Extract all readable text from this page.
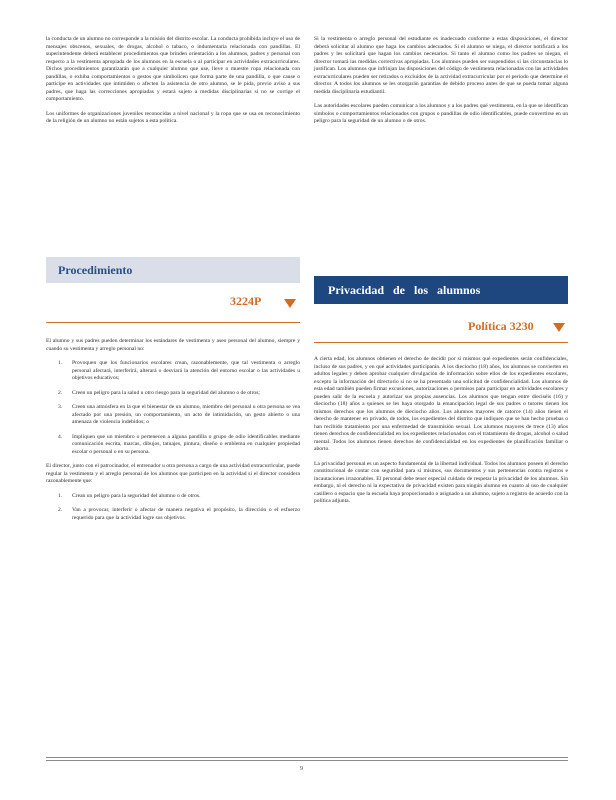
la conducta de un alumno no corresponde a la misión del distrito escolar. La conducta prohibida incluye el uso de mensajes obscenos, sexuales, de drogas, alcohol o tabaco, o indumentaria relacionada con pandillas. El superintendente deberá establecer procedimientos que brinden orientación a los alumnos, padres y personal con respecto a la vestimenta apropiada de los alumnos en la escuela o al participar en actividades extracurriculares. Dichos procedimientos garantizarán que a cualquier alumno que use, lleve o muestre ropa relacionada con pandillas, o exhiba comportamientos o gestos que simbolicen que forma parte de una pandilla, o que cause o participe en actividades que intimiden o afecten la asistencia de otro alumno, se le pida, previo aviso a sus padres, que haga las correcciones apropiadas y estará sujeto a medidas disciplinarias si no se corrige el comportamiento.

Los uniformes de organizaciones juveniles reconocidas a nivel nacional y la ropa que se usa en reconocimiento de la religión de un alumno no están sujetos a esta política.

Procedimiento
3224P

El alumno y sus padres pueden determinar los estándares de vestimenta y aseo personal del alumno, siempre y cuando su vestimenta y arreglo personal no:

1.	Provoquen que los funcionarios escolares crean, razonablemente, que tal vestimenta o arreglo personal afectará, interferirá, alterará o desviará la atención del entorno escolar o las actividades u objetivos educativos;
2.	Creen un peligro para la salud u otro riesgo para la seguridad del alumno o de otros;
3.	Creen una atmósfera en la que el bienestar de un alumno, miembro del personal u otra persona se vea afectado por una presión, un comportamiento, un acto de intimidación, un gesto abierto o una amenaza de violencia indebidos; o
4.	Impliquen que un miembro o pertenecen a alguna pandilla o grupo de odio identificables mediante comunicación escrita, marcas, dibujos, tatuajes, pintura, diseño o emblema en cualquier propiedad escolar o personal o en su persona.

El director, junto con el patrocinador, el entrenador u otra persona a cargo de una actividad extracurricular, puede regular la vestimenta y el arreglo personal de los alumnos que participen en la actividad si el director considera razonablemente que:

1.	Crean un peligro para la seguridad del alumno o de otros.
2.	Van a provocar, interferir o afectar de manera negativa el propósito, la dirección o el esfuerzo requerido para que la actividad logre sus objetivos.

Si la vestimenta o arreglo personal del estudiante es inadecuado conforme a estas disposiciones, el director deberá solicitar al alumno que haga los cambios adecuados. Si el alumno se niega, el director notificará a los padres y les solicitará que hagan los cambios necesarios. Si tanto el alumno como los padres se niegan, el director tomará las medidas correctivas apropiadas. Los alumnos pueden ser suspendidos si las circunstancias lo justifican. Los alumnos que infrinjan las disposiciones del código de vestimenta relacionadas con las actividades extracurriculares pueden ser retirados o excluidos de la actividad extracurricular por el período que determine el director. A todos los alumnos se les otorgarán garantías de debido proceso antes de que se pueda tomar alguna medida disciplinaria estudiantil.

Las autoridades escolares pueden comunicar a los alumnos y a los padres qué vestimenta, en la que se identifican símbolos o comportamientos relacionados con grupos o pandillas de odio identificables, puede convertirse en un peligro para la seguridad de un alumno o de otros.

Privacidad de los alumnos
Política 3230

A cierta edad, los alumnos obtienen el derecho de decidir por sí mismos qué expedientes serán confidenciales, incluso de sus padres, y en qué actividades participarán. A los dieciocho (18) años, los alumnos se convierten en adultos legales y deben aprobar cualquier divulgación de información sobre ellos de los expedientes escolares, excepto la información del directorio si no se ha presentado una solicitud de confidencialidad. Los alumnos de esta edad también pueden firmar excusiones, autorizaciones o permisos para participar en actividades escolares y pueden salir de la escuela y autorizar sus propias ausencias. Los alumnos que tengan entre dieciséis (16) y dieciocho (18) años a quienes se les haya otorgado la emancipación legal de sus padres o tutores tienen los mismos derechos que los alumnos de dieciocho años. Los alumnos mayores de catorce (14) años tienen el derecho de mantener en privado, de todos, los expedientes del distrito que indiquen que se han hecho pruebas o han recibido tratamiento por una enfermedad de transmisión sexual. Los alumnos mayores de trece (13) años tienen derechos de confidencialidad en los expedientes relacionados con el tratamiento de drogas, alcohol o salud mental. Todos los alumnos tienen derechos de confidencialidad en los expedientes de planificación familiar o aborto.

La privacidad personal es un aspecto fundamental de la libertad individual. Todos los alumnos poseen el derecho constitucional de contar con seguridad para sí mismos, sus documentos y sus pertenencias contra registros e incautaciones irrazonables. El personal debe tener especial cuidado de respetar la privacidad de los alumnos. Sin embargo, ni el derecho ni la expectativa de privacidad existen para ningún alumno en cuanto al uso de cualquier casillero o espacio que la escuela haya proporcionado o asignado a un alumno, sujeto a registro de acuerdo con la política adjunta.

9
